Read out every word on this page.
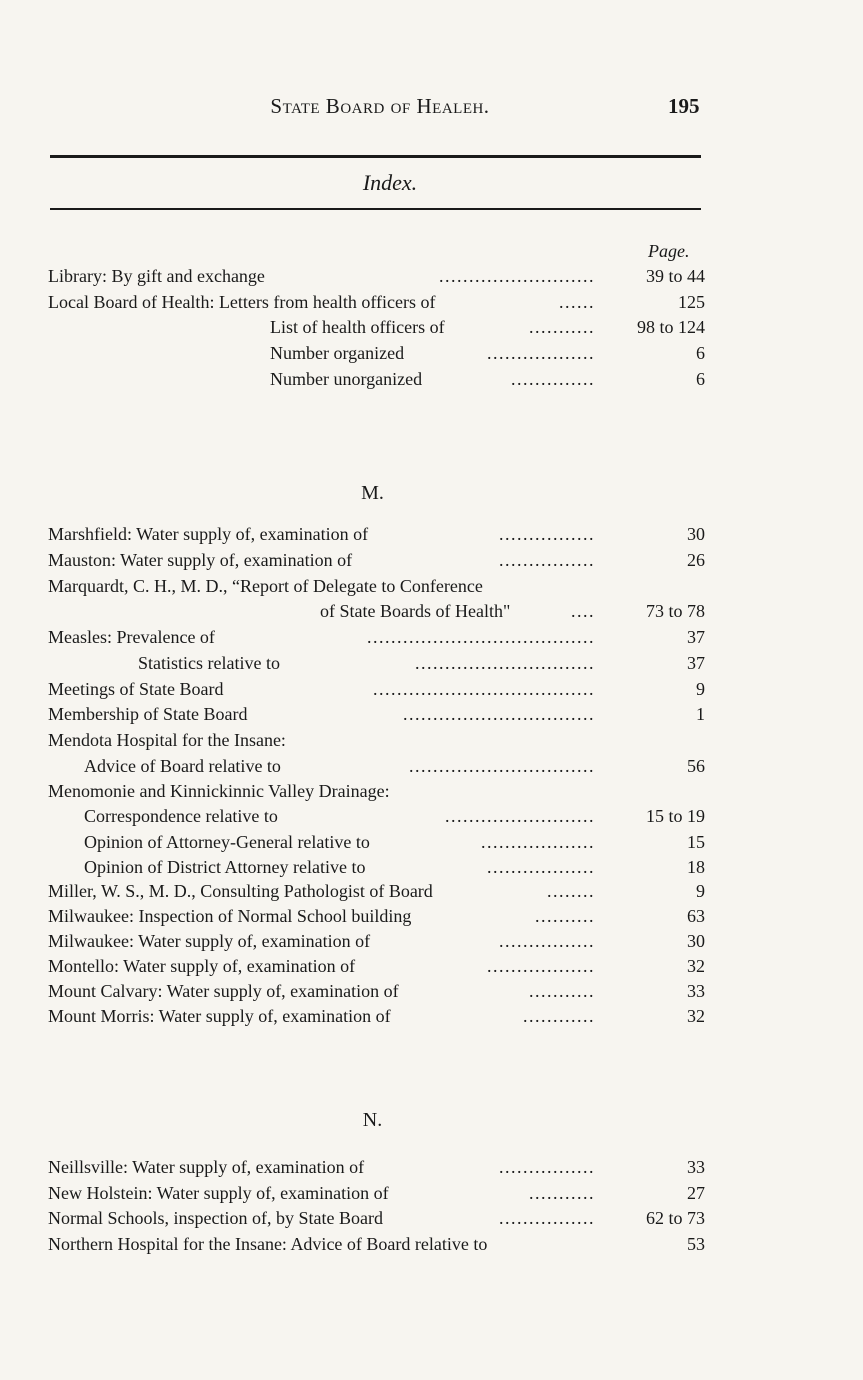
State Board of Healeh.	195
Index.
Page.
Library: By gift and exchange	..........................	39 to 44
Local Board of Health: Letters from health officers of	......	125
List of health officers of	........... 98 to 124
Number organized	..................	6
Number unorganized	..............	6
M.
Marshfield: Water supply of, examination of	................	30
Mauston: Water supply of, examination of	................	26
Marquardt, C. H., M. D., “Report of Delegate to Conference
of State Boards of Health"	....	73 to 78
Measles: Prevalence of	......................................	37
Statistics relative to	..............................	37
Meetings of State Board	.....................................	9
Membership of State Board	................................	1
Mendota Hospital for the Insane:
Advice of Board relative to	...............................	56
Menomonie and Kinnickinnic Valley Drainage:
Correspondence relative to	.........................	15 to 19
Opinion of Attorney-General relative to	...................	15
Opinion of District Attorney relative to	..................	18
Miller, W. S., M. D., Consulting Pathologist of Board	........	9
Milwaukee: Inspection of Normal School building	..........	63
Milwaukee: Water supply of, examination of	................	30
Montello: Water supply of, examination of	..................	32
Mount Calvary: Water supply of, examination of	...........	33
Mount Morris: Water supply of, examination of	............	32
N.
Neillsville: Water supply of, examination of	................	33
New Holstein: Water supply of, examination of	...........	27
Normal Schools, inspection of, by State Board	................	62 to 73
Northern Hospital for the Insane: Advice of Board relative to	53
